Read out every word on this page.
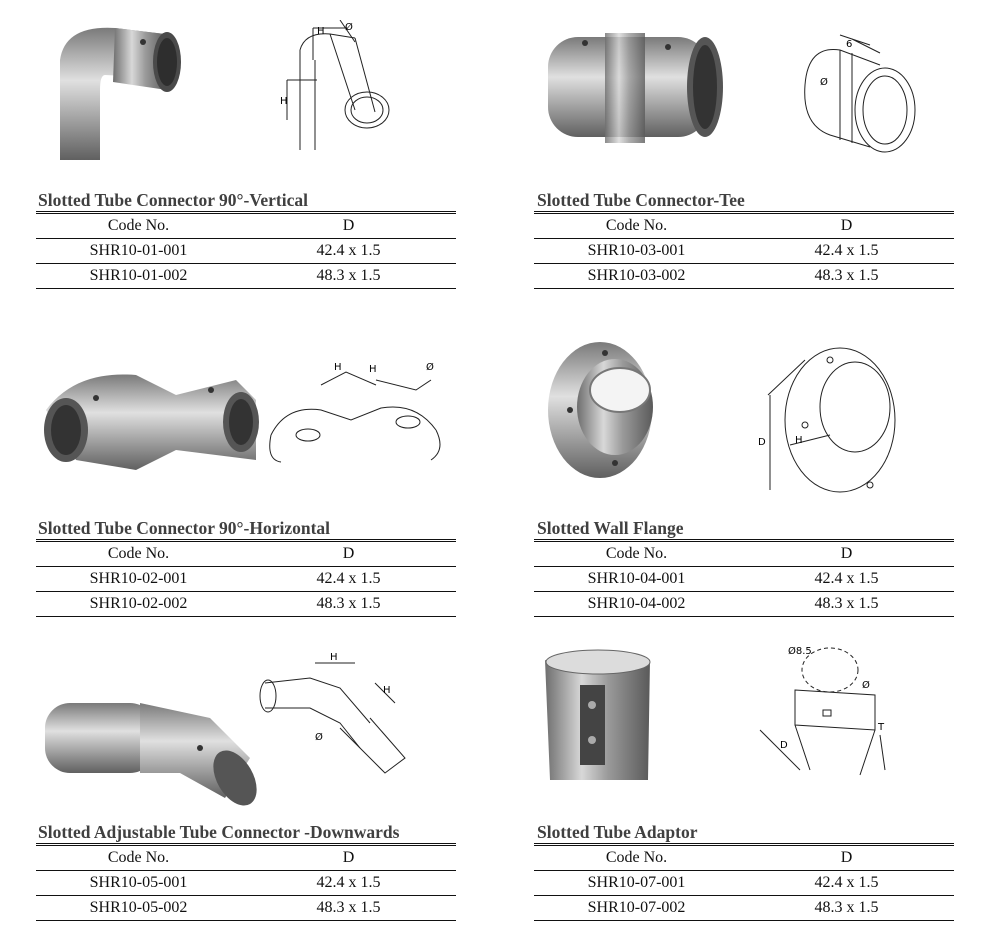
H Ø
H
Slotted Tube Connector 90°-Vertical
Code No.	D
SHR10-01-001	42.4 x 1.5
SHR10-01-002	48.3 x 1.5
6
Ø
Slotted Tube Connector-Tee
Code No.	D
SHR10-03-001	42.4 x 1.5
SHR10-03-002	48.3 x 1.5
H	H	Ø
Slotted Tube Connector 90°-Horizontal
Code No.	D
SHR10-02-001	42.4 x 1.5
SHR10-02-002	48.3 x 1.5
D	H
Slotted Wall Flange
Code No.	D
SHR10-04-001	42.4 x 1.5
SHR10-04-002	48.3 x 1.5
H
H
Ø
Slotted Adjustable Tube Connector -Downwards
Code No.	D
SHR10-05-001	42.4 x 1.5
SHR10-05-002	48.3 x 1.5
Ø8.5
Ø
D
T
Slotted Tube Adaptor
Code No.	D
SHR10-07-001	42.4 x 1.5
SHR10-07-002	48.3 x 1.5
